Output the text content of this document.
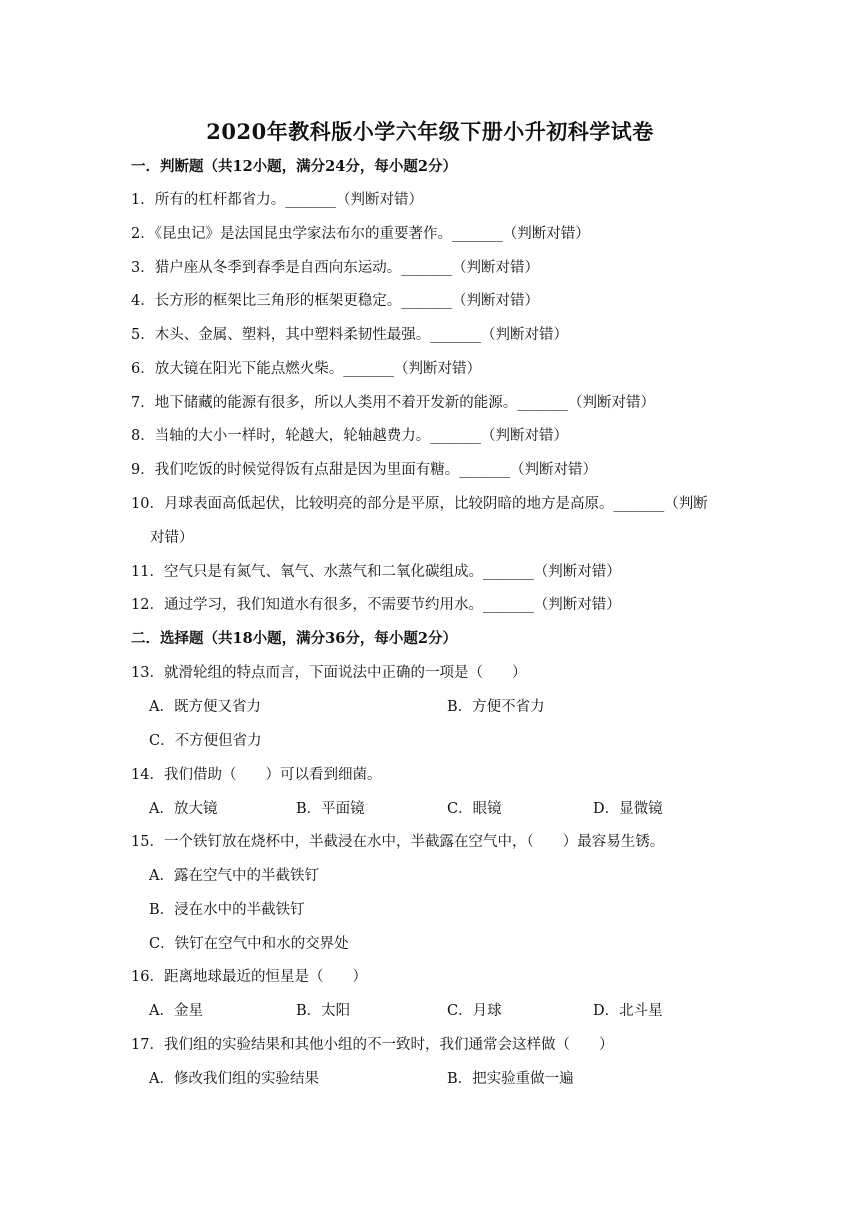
2020年教科版小学六年级下册小升初科学试卷
一．判断题（共12小题，满分24分，每小题2分）
1．所有的杠杆都省力。_______（判断对错）
2．《昆虫记》是法国昆虫学家法布尔的重要著作。_______（判断对错）
3．猎户座从冬季到春季是自西向东运动。_______（判断对错）
4．长方形的框架比三角形的框架更稳定。_______（判断对错）
5．木头、金属、塑料，其中塑料柔韧性最强。_______（判断对错）
6．放大镜在阳光下能点燃火柴。_______（判断对错）
7．地下储藏的能源有很多，所以人类用不着开发新的能源。_______（判断对错）
8．当轴的大小一样时，轮越大，轮轴越费力。_______（判断对错）
9．我们吃饭的时候觉得饭有点甜是因为里面有糖。_______（判断对错）
10．月球表面高低起伏，比较明亮的部分是平原，比较阴暗的地方是高原。_______（判断
对错）
11．空气只是有氮气、氧气、水蒸气和二氧化碳组成。_______（判断对错）
12．通过学习，我们知道水有很多，不需要节约用水。_______（判断对错）
二．选择题（共18小题，满分36分，每小题2分）
13．就滑轮组的特点而言，下面说法中正确的一项是（　　）
A．既方便又省力	B．方便不省力
C．不方便但省力
14．我们借助（　　）可以看到细菌。
A．放大镜	B．平面镜	C．眼镜	D．显微镜
15．一个铁钉放在烧杯中，半截浸在水中，半截露在空气中，（　　）最容易生锈。
A．露在空气中的半截铁钉
B．浸在水中的半截铁钉
C．铁钉在空气中和水的交界处
16．距离地球最近的恒星是（　　）
A．金星	B．太阳	C．月球	D．北斗星
17．我们组的实验结果和其他小组的不一致时，我们通常会这样做（　　）
A．修改我们组的实验结果	B．把实验重做一遍
